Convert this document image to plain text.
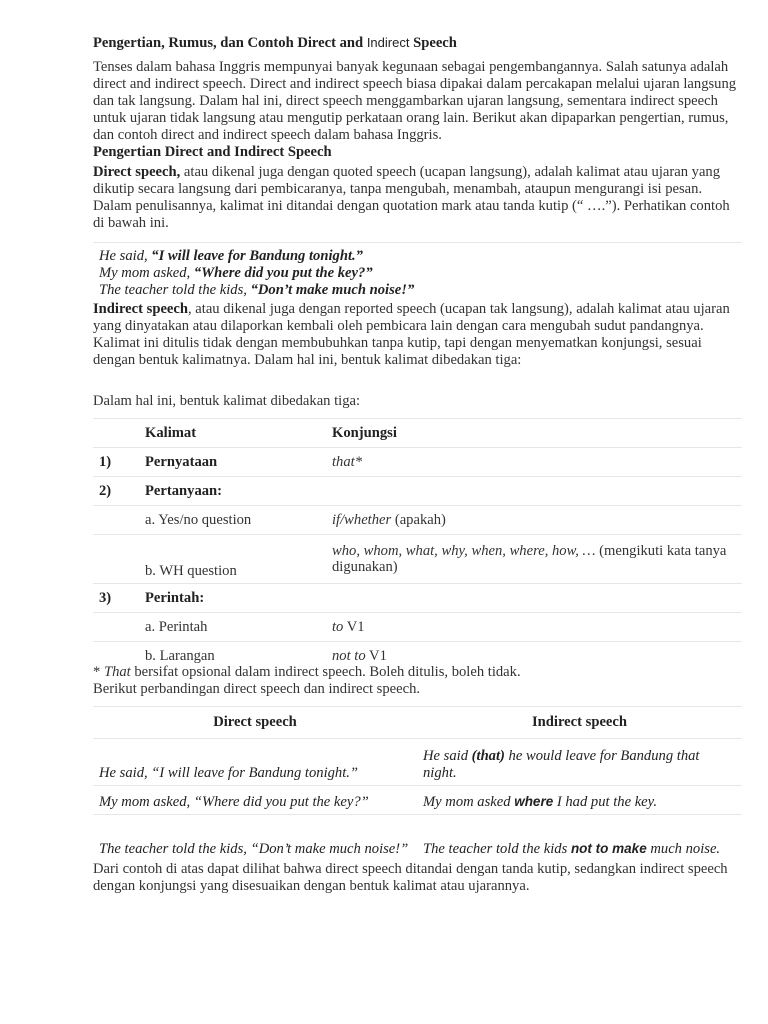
Pengertian, Rumus, dan Contoh Direct and Indirect Speech

Tenses dalam bahasa Inggris mempunyai banyak kegunaan sebagai pengembangannya. Salah satunya adalah direct and indirect speech. Direct and indirect speech biasa dipakai dalam percakapan melalui ujaran langsung dan tak langsung. Dalam hal ini, direct speech menggambarkan ujaran langsung, sementara indirect speech untuk ujaran tidak langsung atau mengutip perkataan orang lain. Berikut akan dipaparkan pengertian, rumus, dan contoh direct and indirect speech dalam bahasa Inggris.

Pengertian Direct and Indirect Speech

Direct speech, atau dikenal juga dengan quoted speech (ucapan langsung), adalah kalimat atau ujaran yang dikutip secara langsung dari pembicaranya, tanpa mengubah, menambah, ataupun mengurangi isi pesan. Dalam penulisannya, kalimat ini ditandai dengan quotation mark atau tanda kutip (“ ….”). Perhatikan contoh di bawah ini.

He said, “I will leave for Bandung tonight.”
My mom asked, “Where did you put the key?”
The teacher told the kids, “Don’t make much noise!”

Indirect speech, atau dikenal juga dengan reported speech (ucapan tak langsung), adalah kalimat atau ujaran yang dinyatakan atau dilaporkan kembali oleh pembicara lain dengan cara mengubah sudut pandangnya. Kalimat ini ditulis tidak dengan membubuhkan tanpa kutip, tapi dengan menyematkan konjungsi, sesuai dengan bentuk kalimatnya. Dalam hal ini, bentuk kalimat dibedakan tiga:

Dalam hal ini, bentuk kalimat dibedakan tiga:

	Kalimat	Konjungsi
1)	Pernyataan	that*
2)	Pertanyaan:	
	a. Yes/no question	if/whether (apakah)
	b. WH question	who, whom, what, why, when, where, how, … (mengikuti kata tanya digunakan)
3)	Perintah:	
	a. Perintah	to V1
	b. Larangan	not to V1

* That bersifat opsional dalam indirect speech. Boleh ditulis, boleh tidak.

Berikut perbandingan direct speech dan indirect speech.

Direct speech	Indirect speech
He said, “I will leave for Bandung tonight.”	He said (that) he would leave for Bandung that night.
My mom asked, “Where did you put the key?”	My mom asked where I had put the key.
The teacher told the kids, “Don’t make much noise!”	The teacher told the kids not to make much noise.

Dari contoh di atas dapat dilihat bahwa direct speech ditandai dengan tanda kutip, sedangkan indirect speech dengan konjungsi yang disesuaikan dengan bentuk kalimat atau ujarannya.
